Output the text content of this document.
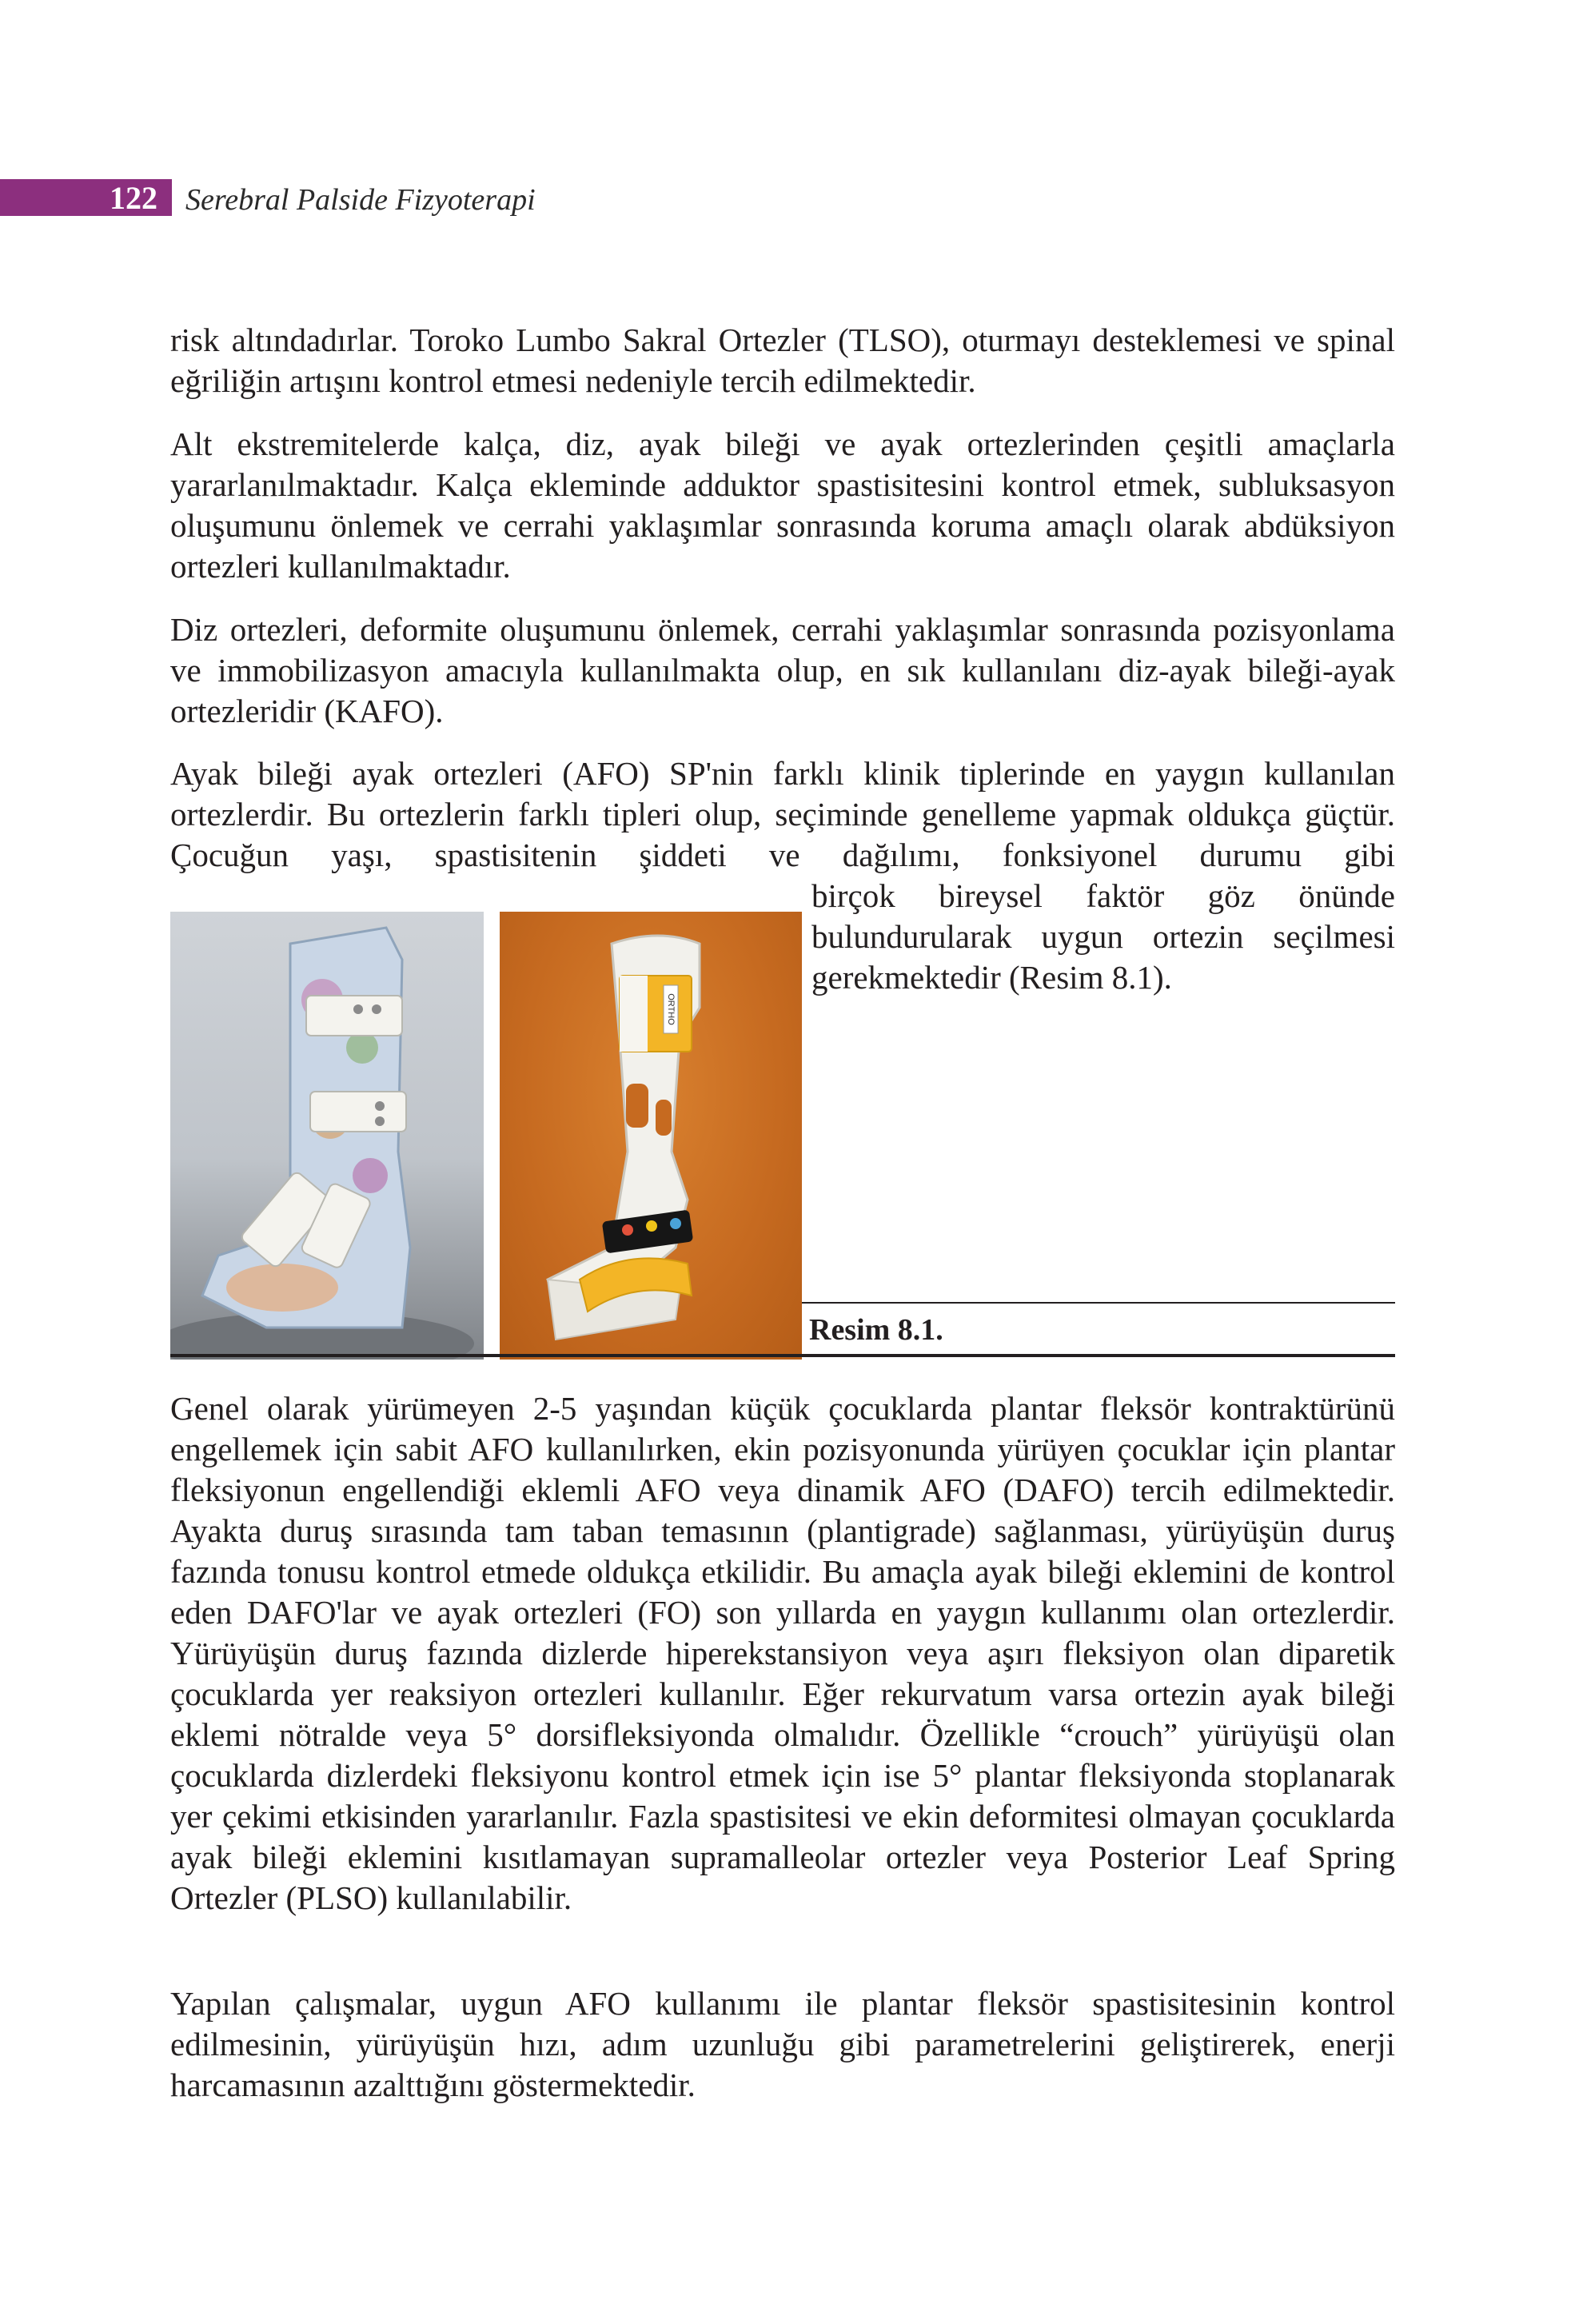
122 Serebral Palside Fizyoterapi

risk altındadırlar. Toroko Lumbo Sakral Ortezler (TLSO), oturmayı desteklemesi ve spinal eğriliğin artışını kontrol etmesi nedeniyle tercih edilmektedir.

Alt ekstremitelerde kalça, diz, ayak bileği ve ayak ortezlerinden çeşitli amaçlarla yararlanılmaktadır. Kalça ekleminde adduktor spastisitesini kontrol etmek, subluksasyon oluşumunu önlemek ve cerrahi yaklaşımlar sonrasında koruma amaçlı olarak abdüksiyon ortezleri kullanılmaktadır.

Diz ortezleri, deformite oluşumunu önlemek, cerrahi yaklaşımlar sonrasında pozisyonlama ve immobilizasyon amacıyla kullanılmakta olup, en sık kullanılanı diz-ayak bileği-ayak ortezleridir (KAFO).

Ayak bileği ayak ortezleri (AFO) SP'nin farklı klinik tiplerinde en yaygın kullanılan ortezlerdir. Bu ortezlerin farklı tipleri olup, seçiminde genelleme yapmak oldukça güçtür. Çocuğun yaşı, spastisitenin şiddeti ve dağılımı, fonksiyonel durumu gibi

birçok bireysel faktör göz önünde bulundurularak uygun ortezin seçilmesi gerekmektedir (Resim 8.1).

ORTHO
Resim 8.1.

Genel olarak yürümeyen 2-5 yaşından küçük çocuklarda plantar fleksör kontraktürünü engellemek için sabit AFO kullanılırken, ekin pozisyonunda yürüyen çocuklar için plantar fleksiyonun engellendiği eklemli AFO veya dinamik AFO (DAFO) tercih edilmektedir. Ayakta duruş sırasında tam taban temasının (plantigrade) sağlanması, yürüyüşün duruş fazında tonusu kontrol etmede oldukça etkilidir. Bu amaçla ayak bileği eklemini de kontrol eden DAFO'lar ve ayak ortezleri (FO) son yıllarda en yaygın kullanımı olan ortezlerdir. Yürüyüşün duruş fazında dizlerde hiperekstansiyon veya aşırı fleksiyon olan diparetik çocuklarda yer reaksiyon ortezleri kullanılır. Eğer rekurvatum varsa ortezin ayak bileği eklemi nötralde veya 5° dorsifleksiyonda olmalıdır. Özellikle “crouch” yürüyüşü olan çocuklarda dizlerdeki fleksiyonu kontrol etmek için ise 5° plantar fleksiyonda stoplanarak yer çekimi etkisinden yararlanılır. Fazla spastisitesi ve ekin deformitesi olmayan çocuklarda ayak bileği eklemini kısıtlamayan supramalleolar ortezler veya Posterior Leaf Spring Ortezler (PLSO) kullanılabilir.

Yapılan çalışmalar, uygun AFO kullanımı ile plantar fleksör spastisitesinin kontrol edilmesinin, yürüyüşün hızı, adım uzunluğu gibi parametrelerini geliştirerek, enerji harcamasının azalttığını göstermektedir.
